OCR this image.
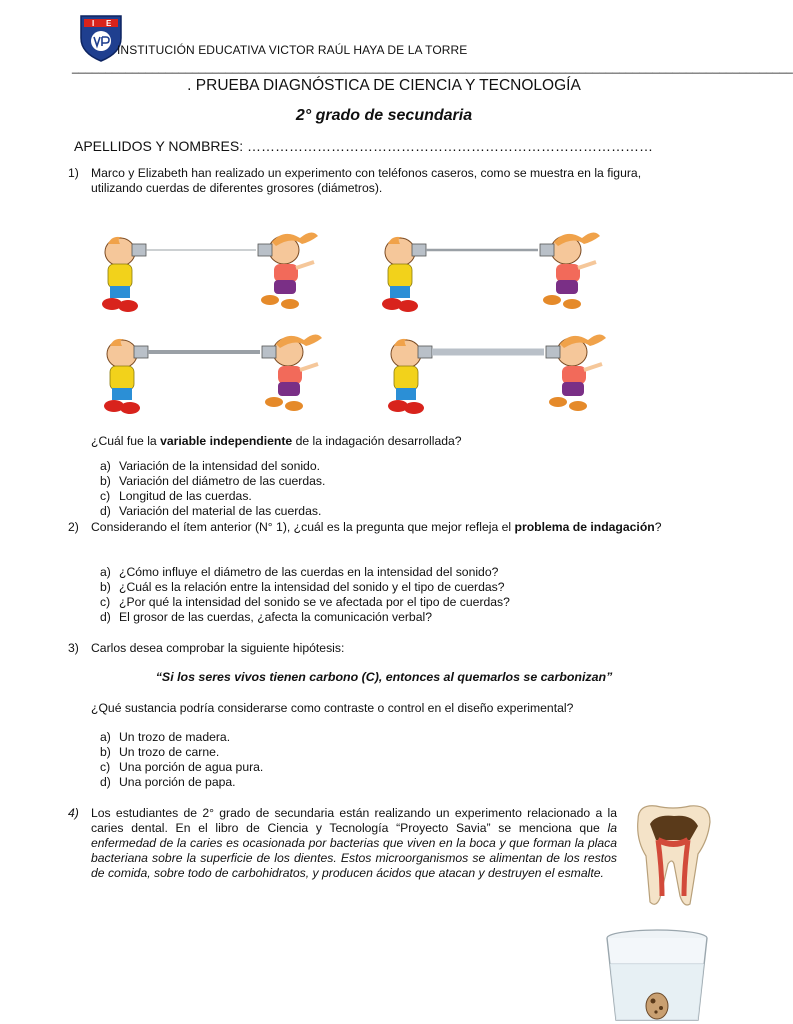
I E
INSTITUCIÓN EDUCATIVA VICTOR RAÚL HAYA DE LA TORRE
____________________________________________________________________________________________________________
. PRUEBA DIAGNÓSTICA DE CIENCIA Y TECNOLOGÍA
2° grado de secundaria
APELLIDOS Y NOMBRES: ……………………………………………………………………………
1) Marco y Elizabeth han realizado un experimento con teléfonos caseros, como se muestra en la figura, utilizando cuerdas de diferentes grosores (diámetros).
¿Cuál fue la variable independiente de la indagación desarrollada?
a) Variación de la intensidad del sonido.
b) Variación del diámetro de las cuerdas.
c) Longitud de las cuerdas.
d) Variación del material de las cuerdas.
2) Considerando el ítem anterior (N° 1), ¿cuál es la pregunta que mejor refleja el problema de indagación?
a) ¿Cómo influye el diámetro de las cuerdas en la intensidad del sonido?
b) ¿Cuál es la relación entre la intensidad del sonido y el tipo de cuerdas?
c) ¿Por qué la intensidad del sonido se ve afectada por el tipo de cuerdas?
d) El grosor de las cuerdas, ¿afecta la comunicación verbal?
3) Carlos desea comprobar la siguiente hipótesis:
“Si los seres vivos tienen carbono (C), entonces al quemarlos se carbonizan”
¿Qué sustancia podría considerarse como contraste o control en el diseño experimental?
a) Un trozo de madera.
b) Un trozo de carne.
c) Una porción de agua pura.
d) Una porción de papa.
4) Los estudiantes de 2° grado de secundaria están realizando un experimento relacionado a la caries dental. En el libro de Ciencia y Tecnología “Proyecto Savia” se menciona que la enfermedad de la caries es ocasionada por bacterias que viven en la boca y que forman la placa bacteriana sobre la superficie de los dientes. Estos microorganismos se alimentan de los restos de comida, sobre todo de carbohidratos, y producen ácidos que atacan y destruyen el esmalte.
